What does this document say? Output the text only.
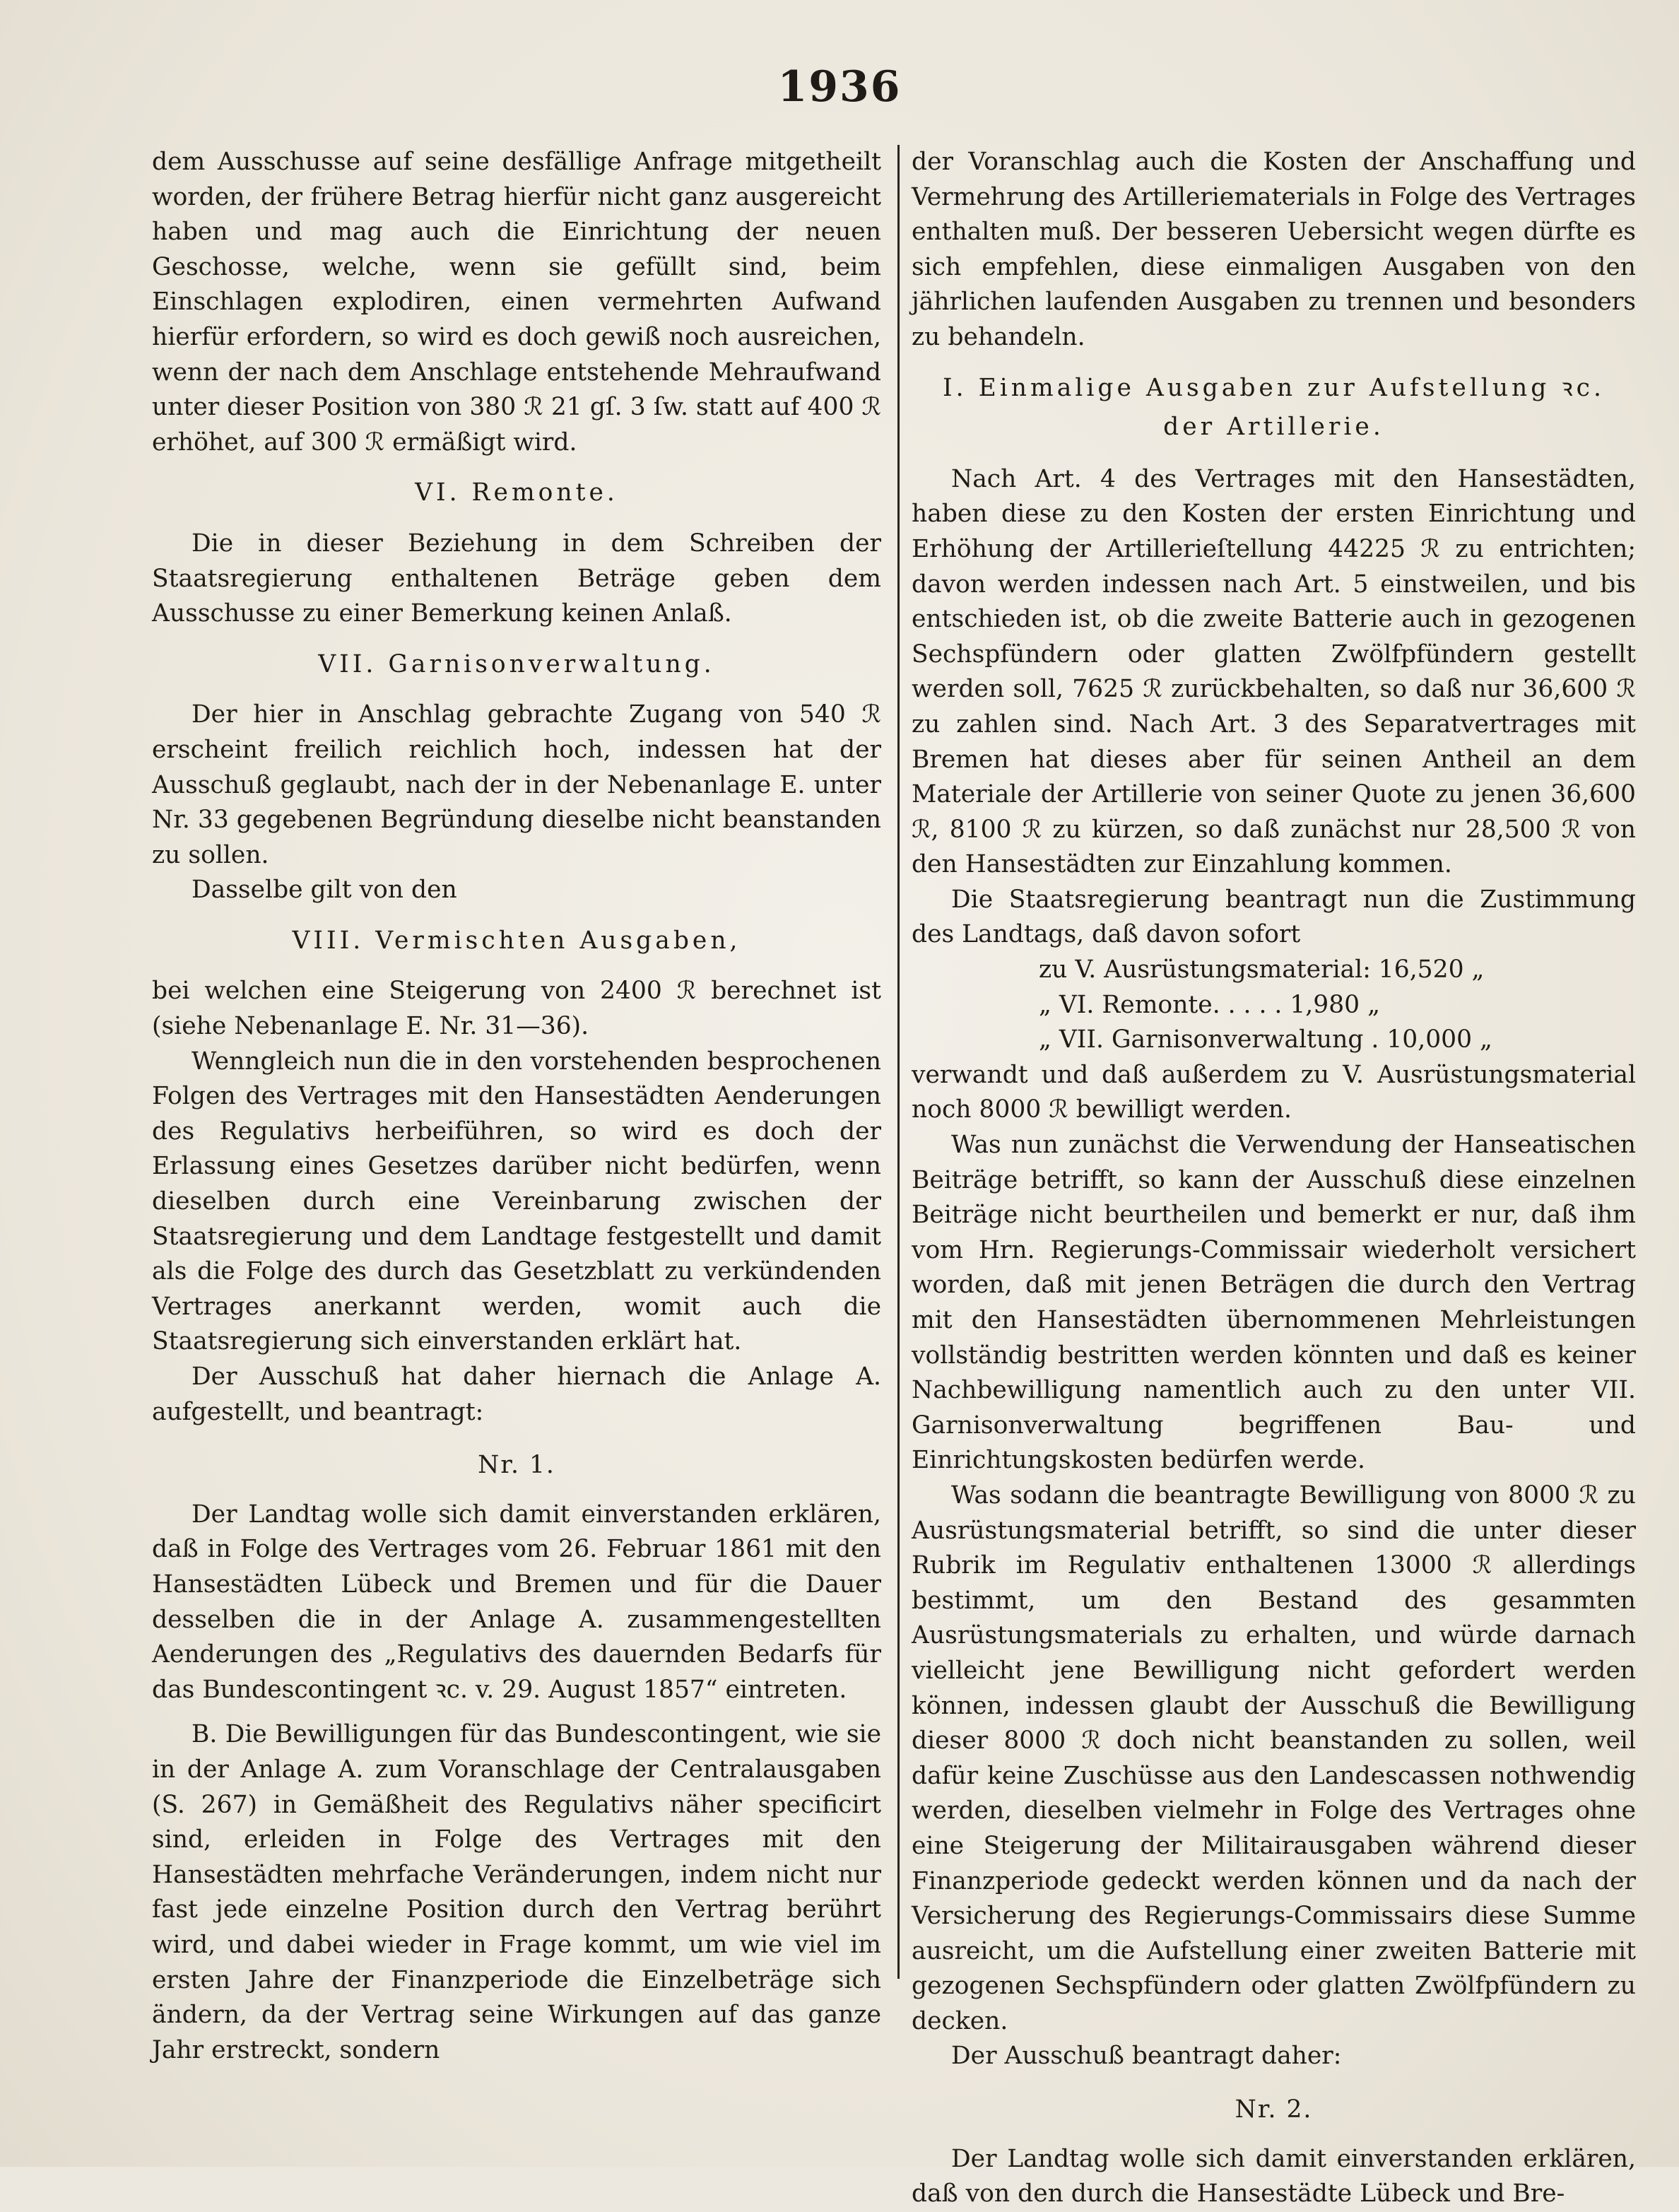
1936

dem Ausschusse auf seine desfällige Anfrage mitgetheilt worden, der frühere Betrag hierfür nicht ganz ausgereicht haben und mag auch die Einrichtung der neuen Geschosse, welche, wenn sie gefüllt sind, beim Einschlagen explodiren, einen vermehrten Aufwand hierfür erfordern, so wird es doch gewiß noch ausreichen, wenn der nach dem Anschlage entstehende Mehraufwand unter dieser Position von 380 ℛ︀ 21 gſ. 3 ſw. statt auf 400 ℛ︀ erhöhet, auf 300 ℛ︀ ermäßigt wird.

VI. Remonte.

Die in dieser Beziehung in dem Schreiben der Staatsregierung enthaltenen Beträge geben dem Ausschusse zu einer Bemerkung keinen Anlaß.

VII. Garnisonverwaltung.

Der hier in Anschlag gebrachte Zugang von 540 ℛ︀ erscheint freilich reichlich hoch, indessen hat der Ausschuß geglaubt, nach der in der Nebenanlage E. unter Nr. 33 gegebenen Begründung dieselbe nicht beanstanden zu sollen.

Dasselbe gilt von den

VIII. Vermischten Ausgaben,

bei welchen eine Steigerung von 2400 ℛ︀ berechnet ist (siehe Nebenanlage E. Nr. 31—36).

Wenngleich nun die in den vorstehenden besprochenen Folgen des Vertrages mit den Hansestädten Aenderungen des Regulativs herbeiführen, so wird es doch der Erlassung eines Gesetzes darüber nicht bedürfen, wenn dieselben durch eine Vereinbarung zwischen der Staatsregierung und dem Landtage festgestellt und damit als die Folge des durch das Gesetzblatt zu verkündenden Vertrages anerkannt werden, womit auch die Staatsregierung sich einverstanden erklärt hat.

Der Ausschuß hat daher hiernach die Anlage A. aufgestellt, und beantragt:

Nr. 1.

Der Landtag wolle sich damit einverstanden erklären, daß in Folge des Vertrages vom 26. Februar 1861 mit den Hansestädten Lübeck und Bremen und für die Dauer desselben die in der Anlage A. zusammengestellten Aenderungen des „Regulativs des dauernden Bedarfs für das Bundescontingent ꝛc. v. 29. August 1857“ eintreten.

B. Die Bewilligungen für das Bundescontingent, wie sie in der Anlage A. zum Voranschlage der Centralausgaben (S. 267) in Gemäßheit des Regulativs näher specificirt sind, erleiden in Folge des Vertrages mit den Hansestädten mehrfache Veränderungen, indem nicht nur fast jede einzelne Position durch den Vertrag berührt wird, und dabei wieder in Frage kommt, um wie viel im ersten Jahre der Finanzperiode die Einzelbeträge sich ändern, da der Vertrag seine Wirkungen auf das ganze Jahr erstreckt, sondern

der Voranschlag auch die Kosten der Anschaffung und Vermehrung des Artilleriematerials in Folge des Vertrages enthalten muß. Der besseren Uebersicht wegen dürfte es sich empfehlen, diese einmaligen Ausgaben von den jährlichen laufenden Ausgaben zu trennen und besonders zu behandeln.

I. Einmalige Ausgaben zur Aufstellung ꝛc.

der Artillerie.

Nach Art. 4 des Vertrages mit den Hansestädten, haben diese zu den Kosten der ersten Einrichtung und Erhöhung der Artillerieſtellung 44225 ℛ︀ zu entrichten; davon werden indessen nach Art. 5 einstweilen, und bis entschieden ist, ob die zweite Batterie auch in gezogenen Sechspfündern oder glatten Zwölfpfündern gestellt werden soll, 7625 ℛ︀ zurückbehalten, so daß nur 36,600 ℛ︀ zu zahlen sind. Nach Art. 3 des Separatvertrages mit Bremen hat dieses aber für seinen Antheil an dem Materiale der Artillerie von seiner Quote zu jenen 36,600 ℛ︀, 8100 ℛ︀ zu kürzen, so daß zunächst nur 28,500 ℛ︀ von den Hansestädten zur Einzahlung kommen.

Die Staatsregierung beantragt nun die Zustimmung des Landtags, daß davon sofort

zu V. Ausrüstungsmaterial: 16,520 „

„ VI. Remonte. . . . . 1,980 „

„ VII. Garnisonverwaltung . 10,000 „

verwandt und daß außerdem zu V. Ausrüstungsmaterial noch 8000 ℛ︀ bewilligt werden.

Was nun zunächst die Verwendung der Hanseatischen Beiträge betrifft, so kann der Ausschuß diese einzelnen Beiträge nicht beurtheilen und bemerkt er nur, daß ihm vom Hrn. Regierungs-Commissair wiederholt versichert worden, daß mit jenen Beträgen die durch den Vertrag mit den Hansestädten übernommenen Mehrleistungen vollständig bestritten werden könnten und daß es keiner Nachbewilligung namentlich auch zu den unter VII. Garnisonverwaltung begriffenen Bau- und Einrichtungskosten bedürfen werde.

Was sodann die beantragte Bewilligung von 8000 ℛ︀ zu Ausrüstungsmaterial betrifft, so sind die unter dieser Rubrik im Regulativ enthaltenen 13000 ℛ︀ allerdings bestimmt, um den Bestand des gesammten Ausrüstungsmaterials zu erhalten, und würde darnach vielleicht jene Bewilligung nicht gefordert werden können, indessen glaubt der Ausschuß die Bewilligung dieser 8000 ℛ︀ doch nicht beanstanden zu sollen, weil dafür keine Zuschüsse aus den Landescassen nothwendig werden, dieselben vielmehr in Folge des Vertrages ohne eine Steigerung der Militairausgaben während dieser Finanzperiode gedeckt werden können und da nach der Versicherung des Regierungs-Commissairs diese Summe ausreicht, um die Aufstellung einer zweiten Batterie mit gezogenen Sechspfündern oder glatten Zwölfpfündern zu decken.

Der Ausschuß beantragt daher:

Nr. 2.

Der Landtag wolle sich damit einverstanden erklären, daß von den durch die Hansestädte Lübeck und Bre-
